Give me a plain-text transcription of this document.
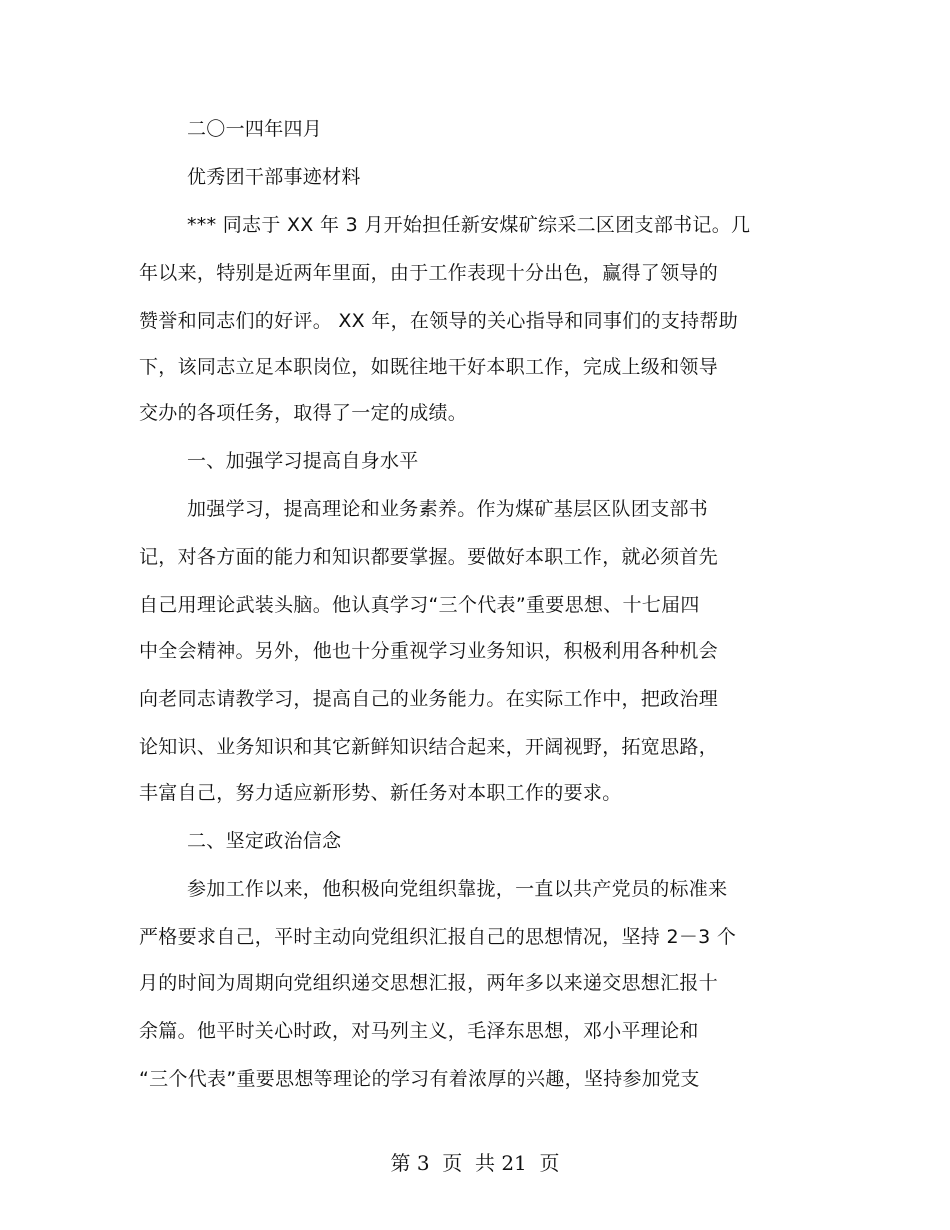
二〇一四年四月
优秀团干部事迹材料
*** 同志于 XX 年 3 月开始担任新安煤矿综采二区团支部书记。几
年以来，特别是近两年里面，由于工作表现十分出色，赢得了领导的
赞誉和同志们的好评。 XX 年，在领导的关心指导和同事们的支持帮助
下，该同志立足本职岗位，如既往地干好本职工作，完成上级和领导
交办的各项任务，取得了一定的成绩。
一、加强学习提高自身水平
加强学习，提高理论和业务素养。作为煤矿基层区队团支部书
记，对各方面的能力和知识都要掌握。要做好本职工作，就必须首先
自己用理论武装头脑。他认真学习“三个代表”重要思想、十七届四
中全会精神。另外，他也十分重视学习业务知识，积极利用各种机会
向老同志请教学习，提高自己的业务能力。在实际工作中，把政治理
论知识、业务知识和其它新鲜知识结合起来，开阔视野，拓宽思路，
丰富自己，努力适应新形势、新任务对本职工作的要求。
二、坚定政治信念
参加工作以来，他积极向党组织靠拢，一直以共产党员的标准来
严格要求自己，平时主动向党组织汇报自己的思想情况，坚持 2－3 个
月的时间为周期向党组织递交思想汇报，两年多以来递交思想汇报十
余篇。他平时关心时政，对马列主义，毛泽东思想，邓小平理论和
“三个代表”重要思想等理论的学习有着浓厚的兴趣，坚持参加党支
第 3  页  共 21  页
